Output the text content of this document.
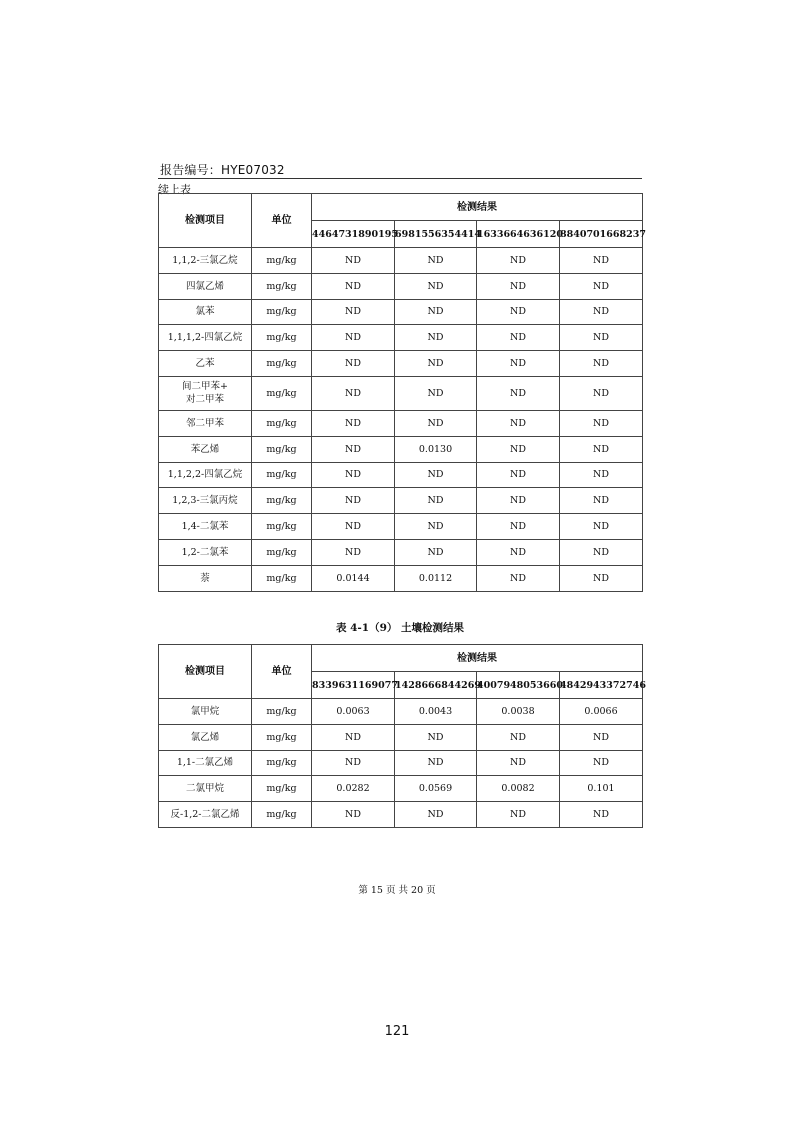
报告编号：HYE07032
续上表
检测项目	单位	检测结果			
		4464731890195	6981556354414	1633664636120	8840701668237

1,1,2-三氯乙烷	mg/kg	ND	ND	ND	ND

四氯乙烯	mg/kg	ND	ND	ND	ND

氯苯	mg/kg	ND	ND	ND	ND

1,1,1,2-四氯乙烷	mg/kg	ND	ND	ND	ND

乙苯	mg/kg	ND	ND	ND	ND

间二甲苯+
对二甲苯	mg/kg	ND	ND	ND	ND

邻二甲苯	mg/kg	ND	ND	ND	ND

苯乙烯	mg/kg	ND	0.0130	ND	ND

1,1,2,2-四氯乙烷	mg/kg	ND	ND	ND	ND

1,2,3-三氯丙烷	mg/kg	ND	ND	ND	ND

1,4-二氯苯	mg/kg	ND	ND	ND	ND

1,2-二氯苯	mg/kg	ND	ND	ND	ND

萘	mg/kg	0.0144	0.0112	ND	ND
表 4-1（9） 土壤检测结果
检测项目	单位	检测结果			
		8339631169077	1428666844269	4007948053660	4842943372746

氯甲烷	mg/kg	0.0063	0.0043	0.0038	0.0066

氯乙烯	mg/kg	ND	ND	ND	ND

1,1-二氯乙烯	mg/kg	ND	ND	ND	ND

二氯甲烷	mg/kg	0.0282	0.0569	0.0082	0.101

反-1,2-二氯乙烯	mg/kg	ND	ND	ND	ND
第 15 页 共 20 页
121
